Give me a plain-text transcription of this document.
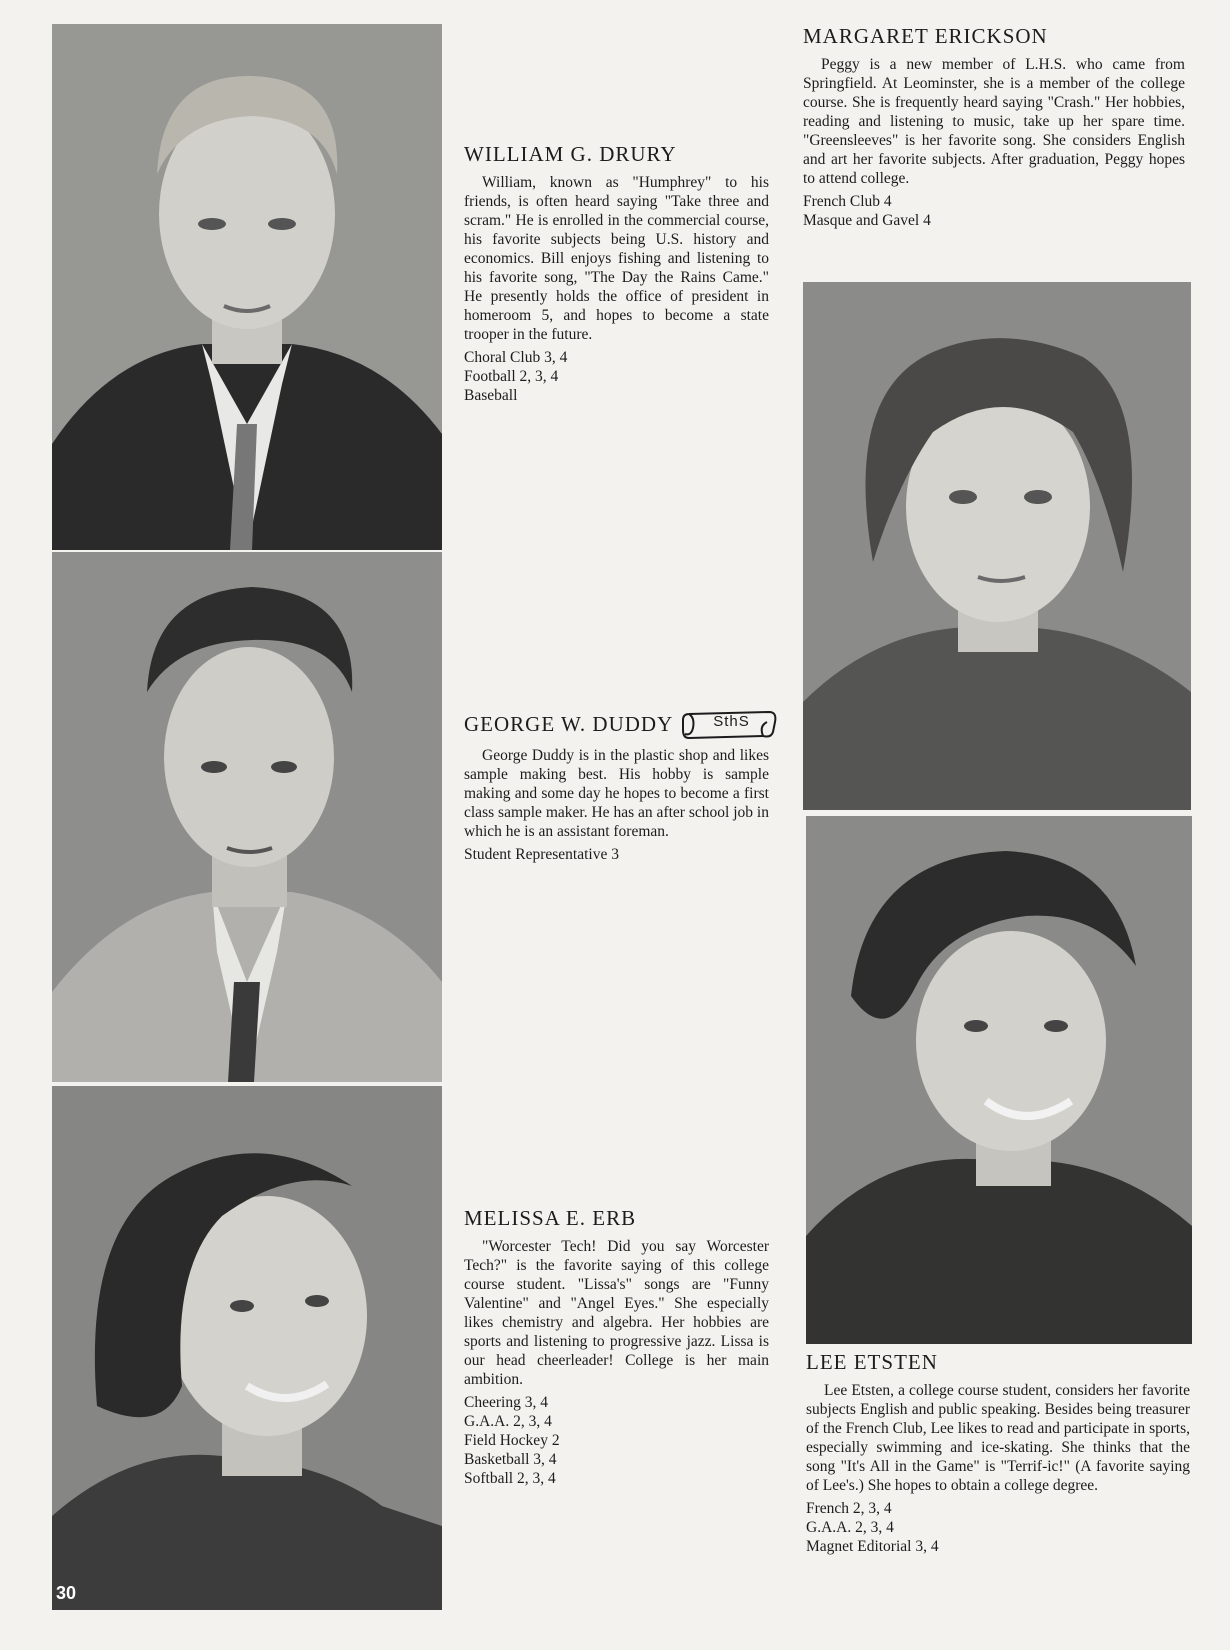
30
WILLIAM G. DRURY

William, known as "Humphrey" to his friends, is often heard saying "Take three and scram." He is enrolled in the commercial course, his favorite subjects being U.S. history and economics. Bill enjoys fishing and listening to his favorite song, "The Day the Rains Came." He presently holds the office of president in homeroom 5, and hopes to become a state trooper in the future.

Choral Club 3, 4
Football 2, 3, 4
Baseball
GEORGE W. DUDDY	SthS

George Duddy is in the plastic shop and likes sample making best. His hobby is sample making and some day he hopes to become a first class sample maker. He has an after school job in which he is an assistant foreman.

Student Representative 3
MELISSA E. ERB

"Worcester Tech! Did you say Worcester Tech?" is the favorite saying of this college course student. "Lissa's" songs are "Funny Valentine" and "Angel Eyes." She especially likes chemistry and algebra. Her hobbies are sports and listening to progressive jazz. Lissa is our head cheerleader! College is her main ambition.

Cheering 3, 4
G.A.A. 2, 3, 4
Field Hockey 2
Basketball 3, 4
Softball 2, 3, 4
MARGARET ERICKSON

Peggy is a new member of L.H.S. who came from Springfield. At Leominster, she is a member of the college course. She is frequently heard saying "Crash." Her hobbies, reading and listening to music, take up her spare time. "Greensleeves" is her favorite song. She considers English and art her favorite subjects. After graduation, Peggy hopes to attend college.

French Club 4
Masque and Gavel 4
LEE ETSTEN

Lee Etsten, a college course student, considers her favorite subjects English and public speaking. Besides being treasurer of the French Club, Lee likes to read and participate in sports, especially swimming and ice-skating. She thinks that the song "It's All in the Game" is "Terrif-ic!" (A favorite saying of Lee's.) She hopes to obtain a college degree.

French 2, 3, 4
G.A.A. 2, 3, 4
Magnet Editorial 3, 4
